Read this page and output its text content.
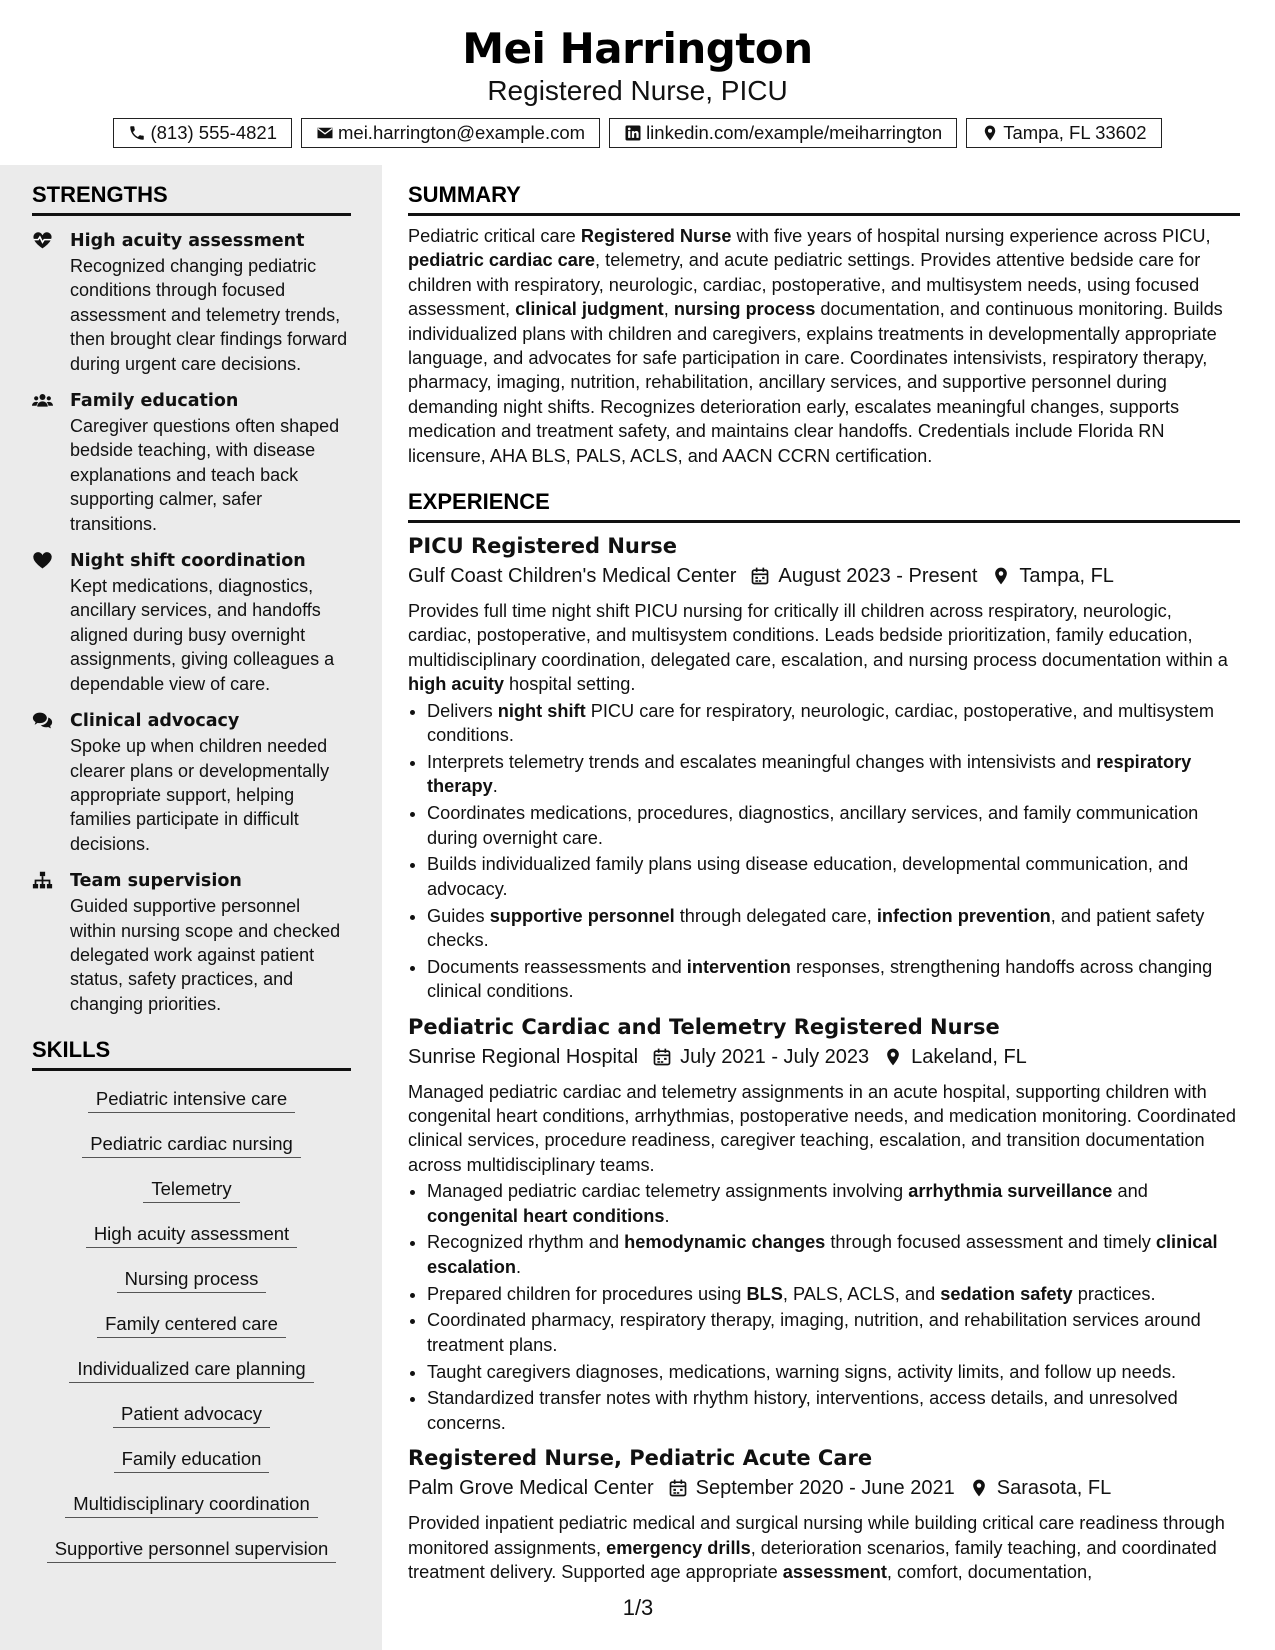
Mei Harrington
Registered Nurse, PICU
(813) 555-4821	mei.harrington@example.com	linkedin.com/example/meiharrington	Tampa, FL 33602
STRENGTHS
High acuity assessment
Recognized changing pediatric conditions through focused assessment and telemetry trends, then brought clear findings forward during urgent care decisions.
Family education
Caregiver questions often shaped bedside teaching, with disease explanations and teach back supporting calmer, safer transitions.
Night shift coordination
Kept medications, diagnostics, ancillary services, and handoffs aligned during busy overnight assignments, giving colleagues a dependable view of care.
Clinical advocacy
Spoke up when children needed clearer plans or developmentally appropriate support, helping families participate in difficult decisions.
Team supervision
Guided supportive personnel within nursing scope and checked delegated work against patient status, safety practices, and changing priorities.
SKILLS
Pediatric intensive care
Pediatric cardiac nursing
Telemetry
High acuity assessment
Nursing process
Family centered care
Individualized care planning
Patient advocacy
Family education
Multidisciplinary coordination
Supportive personnel supervision
SUMMARY

Pediatric critical care Registered Nurse with five years of hospital nursing experience across PICU, pediatric cardiac care, telemetry, and acute pediatric settings. Provides attentive bedside care for children with respiratory, neurologic, cardiac, postoperative, and multisystem needs, using focused assessment, clinical judgment, nursing process documentation, and continuous monitoring. Builds individualized plans with children and caregivers, explains treatments in developmentally appropriate language, and advocates for safe participation in care. Coordinates intensivists, respiratory therapy, pharmacy, imaging, nutrition, rehabilitation, ancillary services, and supportive personnel during demanding night shifts. Recognizes deterioration early, escalates meaningful changes, supports medication and treatment safety, and maintains clear handoffs. Credentials include Florida RN licensure, AHA BLS, PALS, ACLS, and AACN CCRN certification.

EXPERIENCE
PICU Registered Nurse
Gulf Coast Children's Medical Center August 2023 - Present Tampa, FL

Provides full time night shift PICU nursing for critically ill children across respiratory, neurologic, cardiac, postoperative, and multisystem conditions. Leads bedside prioritization, family education, multidisciplinary coordination, delegated care, escalation, and nursing process documentation within a high acuity hospital setting.

• Delivers night shift PICU care for respiratory, neurologic, cardiac, postoperative, and multisystem conditions.
• Interprets telemetry trends and escalates meaningful changes with intensivists and respiratory therapy.
• Coordinates medications, procedures, diagnostics, ancillary services, and family communication during overnight care.
• Builds individualized family plans using disease education, developmental communication, and advocacy.
• Guides supportive personnel through delegated care, infection prevention, and patient safety checks.
• Documents reassessments and intervention responses, strengthening handoffs across changing clinical conditions.
Pediatric Cardiac and Telemetry Registered Nurse
Sunrise Regional Hospital July 2021 - July 2023 Lakeland, FL

Managed pediatric cardiac and telemetry assignments in an acute hospital, supporting children with congenital heart conditions, arrhythmias, postoperative needs, and medication monitoring. Coordinated clinical services, procedure readiness, caregiver teaching, escalation, and transition documentation across multidisciplinary teams.

• Managed pediatric cardiac telemetry assignments involving arrhythmia surveillance and congenital heart conditions.
• Recognized rhythm and hemodynamic changes through focused assessment and timely clinical escalation.
• Prepared children for procedures using BLS, PALS, ACLS, and sedation safety practices.
• Coordinated pharmacy, respiratory therapy, imaging, nutrition, and rehabilitation services around treatment plans.
• Taught caregivers diagnoses, medications, warning signs, activity limits, and follow up needs.
• Standardized transfer notes with rhythm history, interventions, access details, and unresolved concerns.
Registered Nurse, Pediatric Acute Care
Palm Grove Medical Center September 2020 - June 2021 Sarasota, FL

Provided inpatient pediatric medical and surgical nursing while building critical care readiness through monitored assignments, emergency drills, deterioration scenarios, family teaching, and coordinated treatment delivery. Supported age appropriate assessment, comfort, documentation,

1/3
